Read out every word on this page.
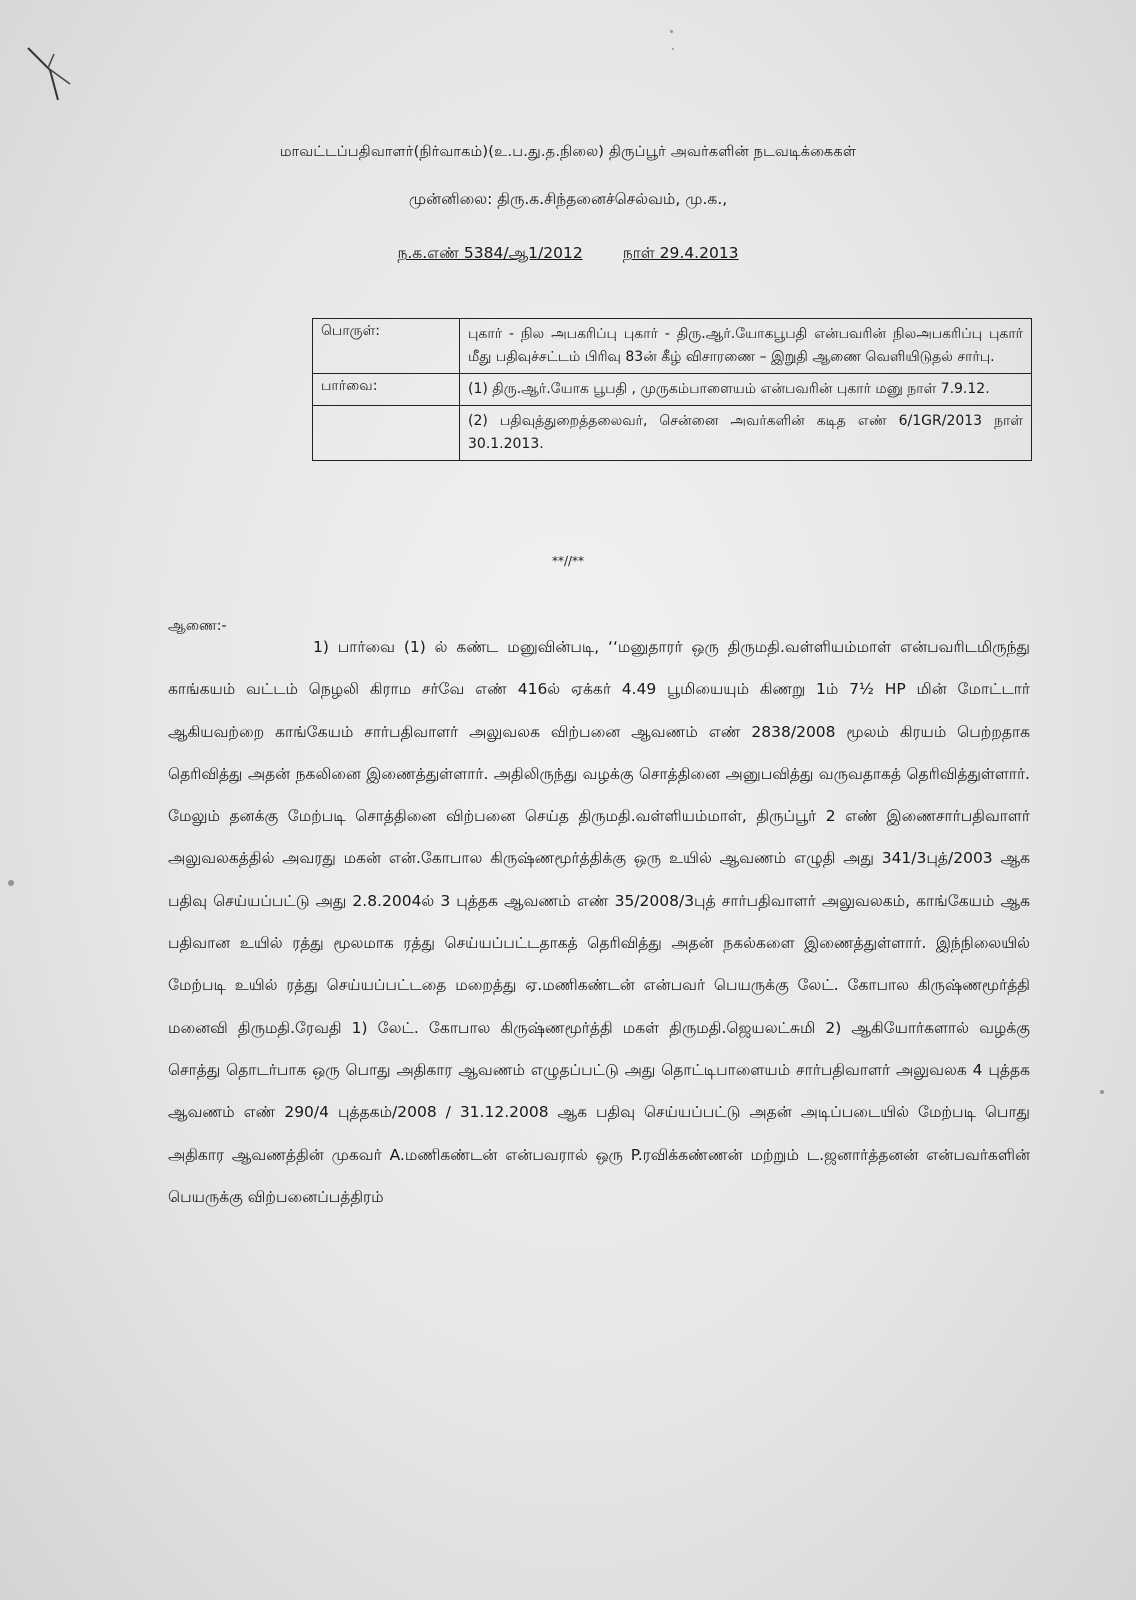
மாவட்டப்பதிவாளர்(நிர்வாகம்)(உ.ப.து.த.நிலை) திருப்பூர் அவர்களின் நடவடிக்கைகள்
முன்னிலை: திரு.க.சிந்தனைச்செல்வம், மு.க.,
ந.க.எண் 5384/ஆ1/2012	நாள் 29.4.2013
பொருள்:	புகார் - நில அபகரிப்பு புகார் - திரு.ஆர்.யோகபூபதி என்பவரின் நிலஅபகரிப்பு புகார் மீது பதிவுச்சட்டம் பிரிவு 83ன் கீழ் விசாரணை – இறுதி ஆணை வெளியிடுதல் சார்பு.
பார்வை:	(1) திரு.ஆர்.யோக பூபதி , முருகம்பாளையம் என்பவரின் புகார் மனு நாள் 7.9.12.
	(2) பதிவுத்துறைத்தலைவர், சென்னை அவர்களின் கடித எண் 6/1GR/2013 நாள் 30.1.2013.
**//**
ஆணை:-
1) பார்வை (1) ல் கண்ட மனுவின்படி, ‘‘மனுதாரர் ஒரு திருமதி.வள்ளியம்மாள் என்பவரிடமிருந்து காங்கயம் வட்டம் நெழலி கிராம சர்வே எண் 416ல் ஏக்கர் 4.49 பூமியையும் கிணறு 1ம் 7½ HP மின் மோட்டார் ஆகியவற்றை காங்கேயம் சார்பதிவாளர் அலுவலக விற்பனை ஆவணம் எண் 2838/2008 மூலம் கிரயம் பெற்றதாக தெரிவித்து அதன் நகலினை இணைத்துள்ளார். அதிலிருந்து வழக்கு சொத்தினை அனுபவித்து வருவதாகத் தெரிவித்துள்ளார். மேலும் தனக்கு மேற்படி சொத்தினை விற்பனை செய்த திருமதி.வள்ளியம்மாள், திருப்பூர் 2 எண் இணைசார்பதிவாளர் அலுவலகத்தில் அவரது மகன் என்.கோபால கிருஷ்ணமூர்த்திக்கு ஒரு உயில் ஆவணம் எழுதி அது 341/3புத்/2003 ஆக பதிவு செய்யப்பட்டு அது 2.8.2004ல் 3 புத்தக ஆவணம் எண் 35/2008/3புத் சார்பதிவாளர் அலுவலகம், காங்கேயம் ஆக பதிவான உயில் ரத்து மூலமாக ரத்து செய்யப்பட்டதாகத் தெரிவித்து அதன் நகல்களை இணைத்துள்ளார். இந்நிலையில் மேற்படி உயில் ரத்து செய்யப்பட்டதை மறைத்து ஏ.மணிகண்டன் என்பவர் பெயருக்கு லேட். கோபால கிருஷ்ணமூர்த்தி மனைவி திருமதி.ரேவதி 1) லேட். கோபால கிருஷ்ணமூர்த்தி மகள் திருமதி.ஜெயலட்சுமி 2) ஆகியோர்களால் வழக்கு சொத்து தொடர்பாக ஒரு பொது அதிகார ஆவணம் எழுதப்பட்டு அது தொட்டிபாளையம் சார்பதிவாளர் அலுவலக 4 புத்தக ஆவணம் எண் 290/4 புத்தகம்/2008 / 31.12.2008 ஆக பதிவு செய்யப்பட்டு அதன் அடிப்படையில் மேற்படி பொது அதிகார ஆவணத்தின் முகவர் A.மணிகண்டன் என்பவரால் ஒரு P.ரவிக்கண்ணன் மற்றும் ட.ஜனார்த்தனன் என்பவர்களின் பெயருக்கு விற்பனைப்பத்திரம்
